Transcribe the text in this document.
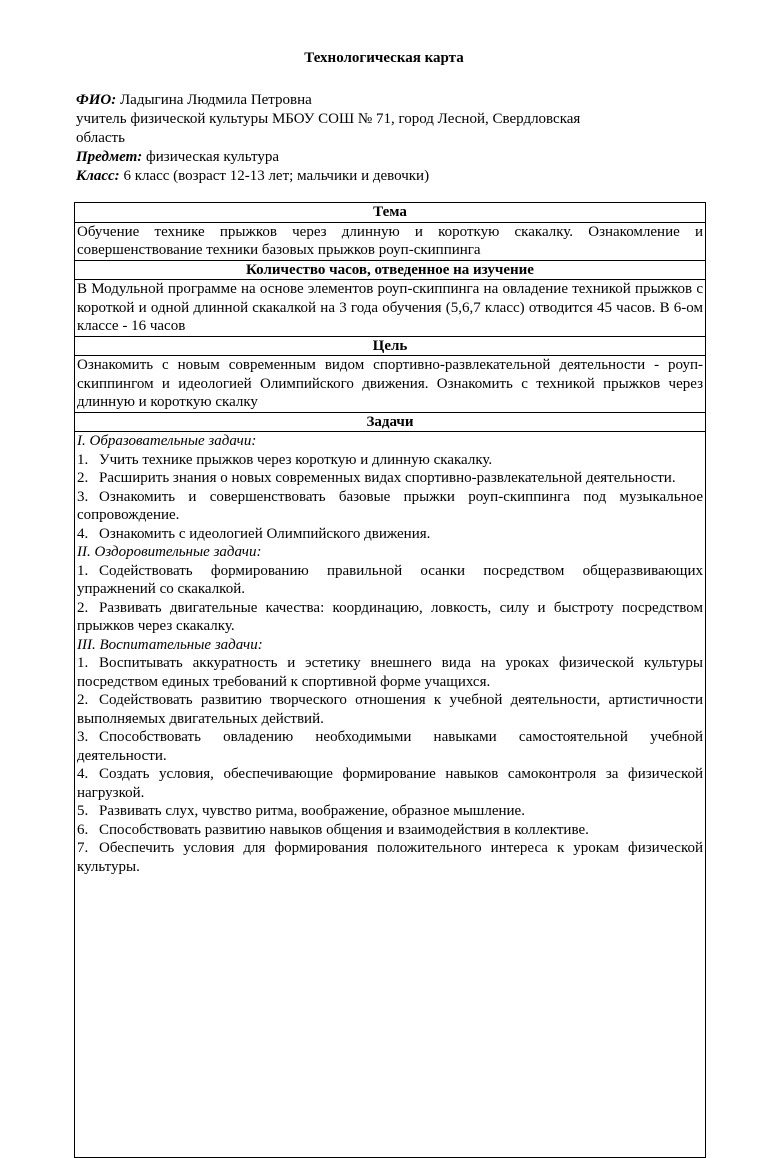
Технологическая карта
ФИО: Ладыгина Людмила Петровна
учитель физической культуры МБОУ СОШ № 71, город Лесной, Свердловская
область
Предмет: физическая культура
Класс: 6 класс (возраст 12-13 лет; мальчики и девочки)
Тема
Обучение технике прыжков через длинную и короткую скакалку. Ознакомление и совершенствование техники базовых прыжков роуп-скиппинга
Количество часов, отведенное на изучение
В Модульной программе на основе элементов роуп-скиппинга на овладение техникой прыжков с короткой и одной длинной скакалкой на 3 года обучения (5,6,7 класс) отводится 45 часов. В 6-ом классе - 16 часов
Цель
Ознакомить с новым современным видом спортивно-развлекательной деятельности - роуп-скиппингом и идеологией Олимпийского движения. Ознакомить с техникой прыжков через длинную и короткую скалку
Задачи

I. Образовательные задачи:
1. Учить технике прыжков через короткую и длинную скакалку.
2. Расширить знания о новых современных видах спортивно-развлекательной деятельности.
3. Ознакомить и совершенствовать базовые прыжки роуп-скиппинга под музыкальное сопровождение.
4. Ознакомить с идеологией Олимпийского движения.
II. Оздоровительные задачи:
1. Содействовать формированию правильной осанки посредством общеразвивающих упражнений со скакалкой.
2. Развивать двигательные качества: координацию, ловкость, силу и быстроту посредством прыжков через скакалку.
III. Воспитательные задачи:
1. Воспитывать аккуратность и эстетику внешнего вида на уроках физической культуры посредством единых требований к спортивной форме учащихся.
2. Содействовать развитию творческого отношения к учебной деятельности, артистичности выполняемых двигательных действий.
3. Способствовать овладению необходимыми навыками самостоятельной учебной деятельности.
4. Создать условия, обеспечивающие формирование навыков самоконтроля за физической нагрузкой.
5. Развивать слух, чувство ритма, воображение, образное мышление.
6. Способствовать развитию навыков общения и взаимодействия в коллективе.
7. Обеспечить условия для формирования положительного интереса к урокам физической культуры.
